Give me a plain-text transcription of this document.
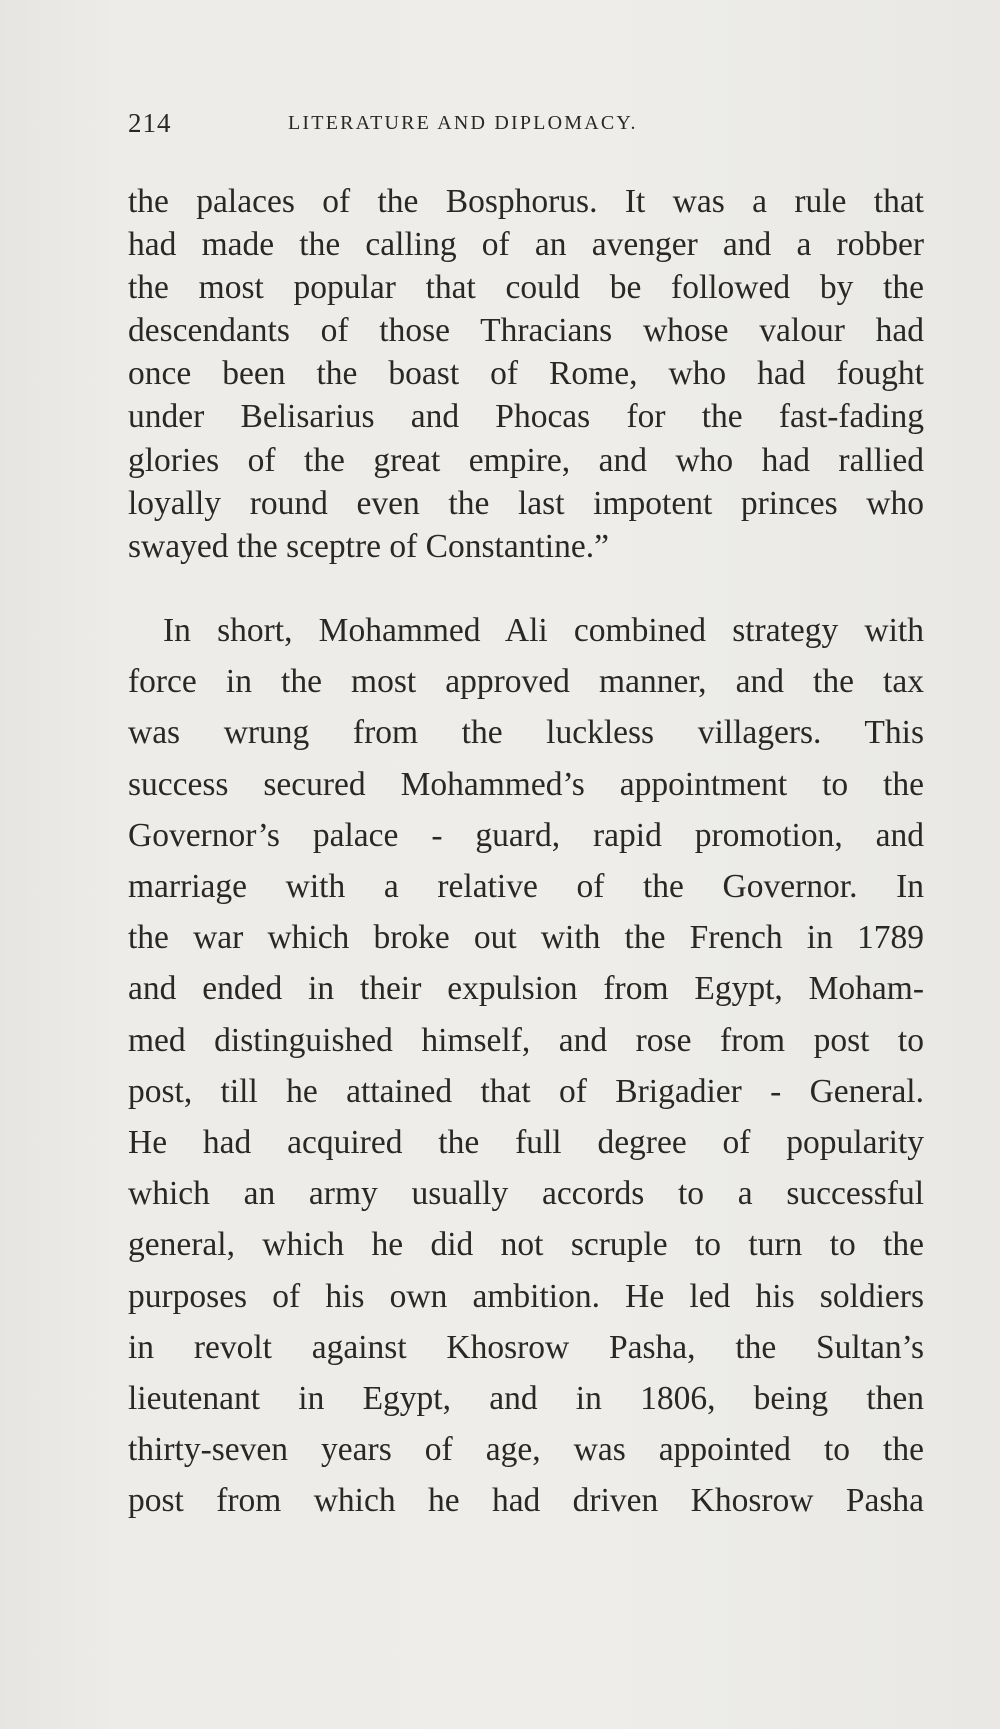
214	LITERATURE AND DIPLOMACY.
the palaces of the Bosphorus. It was a rule that
had made the calling of an avenger and a robber
the most popular that could be followed by the
descendants of those Thracians whose valour had
once been the boast of Rome, who had fought
under Belisarius and Phocas for the fast-fading
glories of the great empire, and who had rallied
loyally round even the last impotent princes who
swayed the sceptre of Constantine.”
In short, Mohammed Ali combined strategy with
force in the most approved manner, and the tax
was wrung from the luckless villagers. This
success secured Mohammed’s appointment to the
Governor’s palace - guard, rapid promotion, and
marriage with a relative of the Governor. In
the war which broke out with the French in 1789
and ended in their expulsion from Egypt, Moham-
med distinguished himself, and rose from post to
post, till he attained that of Brigadier - General.
He had acquired the full degree of popularity
which an army usually accords to a successful
general, which he did not scruple to turn to the
purposes of his own ambition. He led his soldiers
in revolt against Khosrow Pasha, the Sultan’s
lieutenant in Egypt, and in 1806, being then
thirty-seven years of age, was appointed to the
post from which he had driven Khosrow Pasha
